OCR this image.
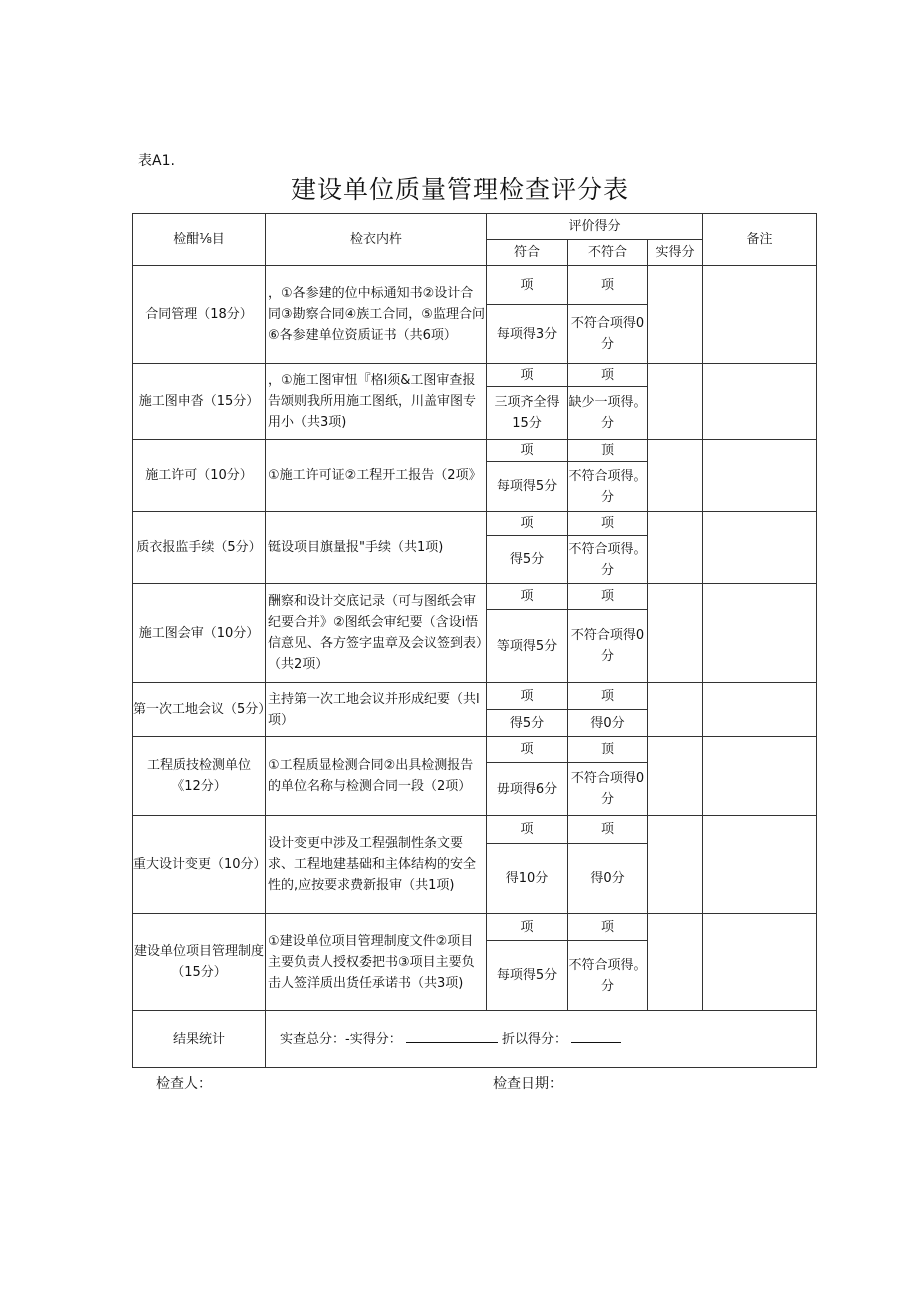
表A1.
建设单位质量管理检查评分表
检酣⅛目	检衣内杵	评价得分			备注
		符合	不符合	实得分	
合同管理（18分）	，①各参建的位中标通知书②设计合同③勘察合同④族工合同，⑤监理合问⑥各参建单位资质证书（共6项）	项	项		
		每项得3分	不符合项得0分		
施工图申沓（15分）	，①施工图审忸『格l须&工图审查报告颂则我所用施工图纸，川盖审图专用小（共3项)	项	项		
		三项齐全得15分	缺少一项得。分		
施工许可（10分）	①施工许可证②工程开工报告（2项》	项	顶		
		每项得5分	不符合项得。分		
质衣报监手续（5分）	铤设项目旗量报"手续（共1项)	项	项		
		得5分	不符合项得。分		
施工图会审（10分）	酬察和设计交底记录（可与图纸会审纪要合并》②图纸会审纪要（含设i悟信意见、各方签字盅章及会议签到表）（共2项）	项	项		
		等项得5分	不符合项得0分		
第一次工地会议（5分）	主持第一次工地会议并形成纪要（共l项）	项	项		
		得5分	得0分		
工程质技检测单位《12分）	①工程质显检测合同②出具检测报告的单位名称与检测合同一段（2项）	项	顶		
		毋项得6分	不符合项得0分		
重大设计变更（10分）	设计变更中涉及工程强制性条文要求、工程地建基础和主体结构的安全性的,应按要求费新报审（共1项)	项	项		
		得10分	得0分		
建设单位项目管理制度（15分）	①建设单位项目管理制度文件②项目主要负责人授权委把书③项目主要负击人签洋质出货任承诺书（共3项)	项	项		
		每项得5分	不符合项得。分		
结果统计	实查总分：-实得分： 折以得分：				
检查人：	检查日期：
